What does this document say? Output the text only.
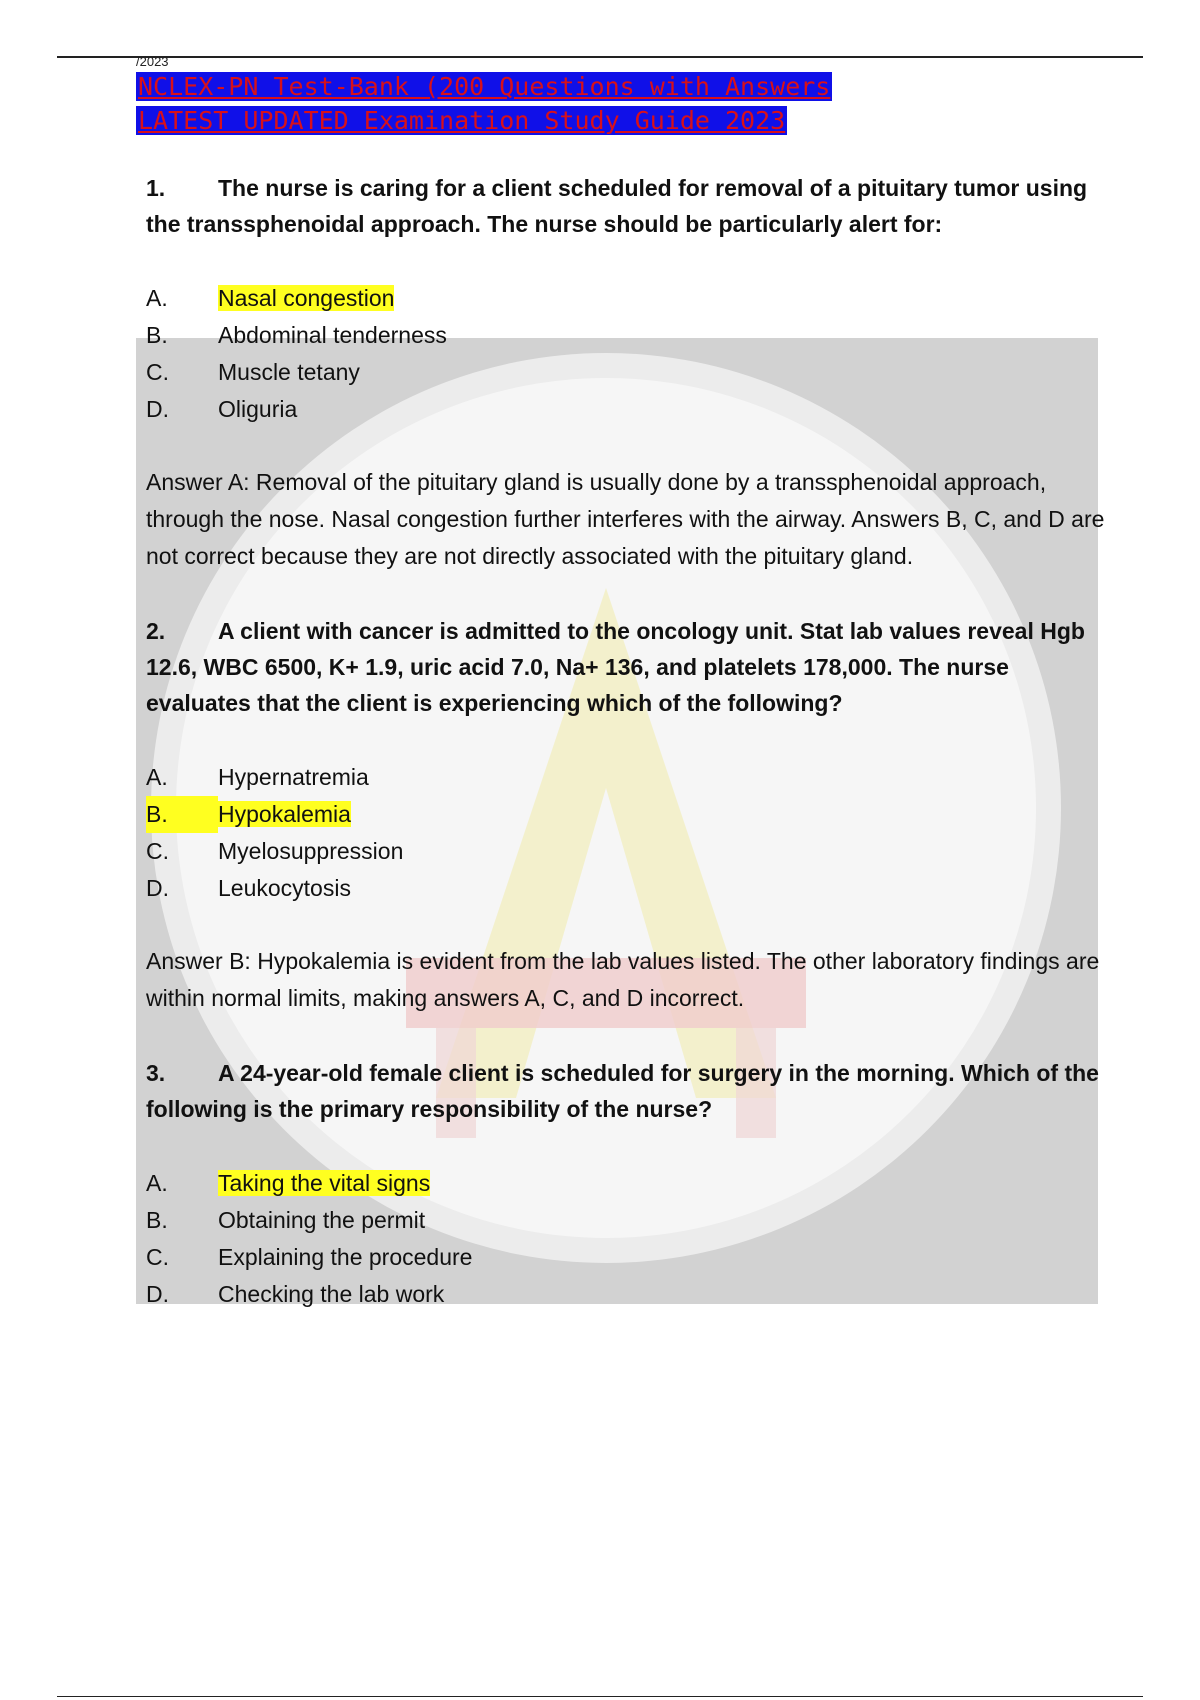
/2023
NCLEX-PN Test-Bank (200 Questions with Answers
LATEST UPDATED Examination Study Guide 2023

1. The nurse is caring for a client scheduled for removal of a pituitary tumor using the transsphenoidal approach. The nurse should be particularly alert for:

A. Nasal congestion
B. Abdominal tenderness
C. Muscle tetany
D. Oliguria

Answer A: Removal of the pituitary gland is usually done by a transsphenoidal approach, through the nose. Nasal congestion further interferes with the airway. Answers B, C, and D are not correct because they are not directly associated with the pituitary gland.

2. A client with cancer is admitted to the oncology unit. Stat lab values reveal Hgb 12.6, WBC 6500, K+ 1.9, uric acid 7.0, Na+ 136, and platelets 178,000. The nurse evaluates that the client is experiencing which of the following?

A. Hypernatremia
B. Hypokalemia
C. Myelosuppression
D. Leukocytosis

Answer B: Hypokalemia is evident from the lab values listed. The other laboratory findings are within normal limits, making answers A, C, and D incorrect.

3. A 24-year-old female client is scheduled for surgery in the morning. Which of the following is the primary responsibility of the nurse?

A. Taking the vital signs
B. Obtaining the permit
C. Explaining the procedure
D. Checking the lab work
